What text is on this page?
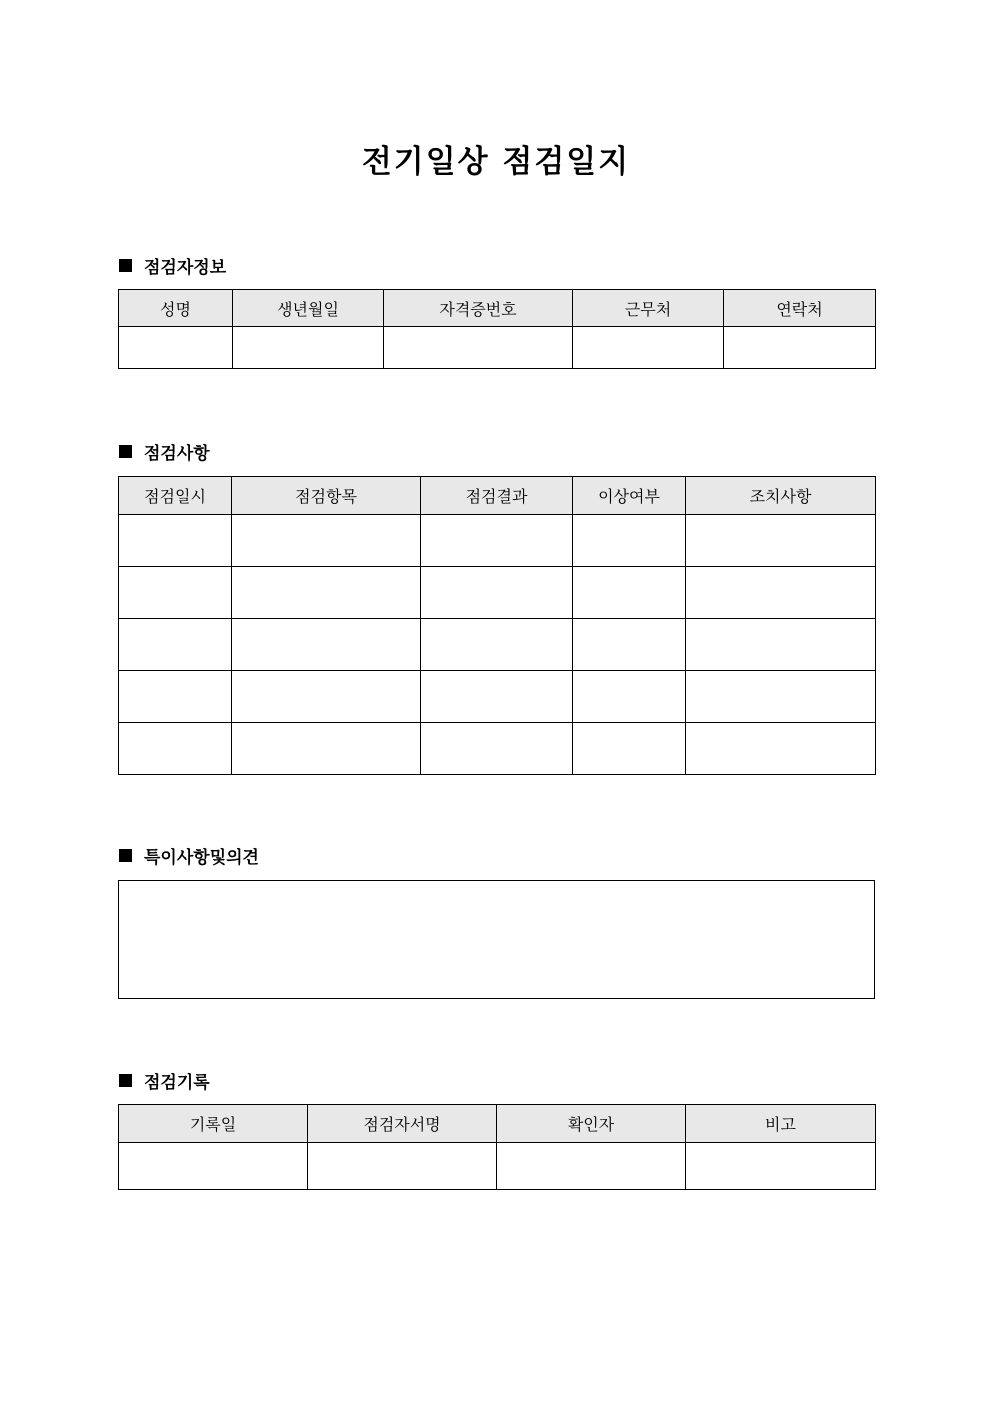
전기일상 점검일지
점검자정보
성명	생년월일	자격증번호	근무처	연락처

점검사항
점검일시	점검항목	점검결과	이상여부	조치사항

특이사항및의견
점검기록
기록일	점검자서명	확인자	비고
